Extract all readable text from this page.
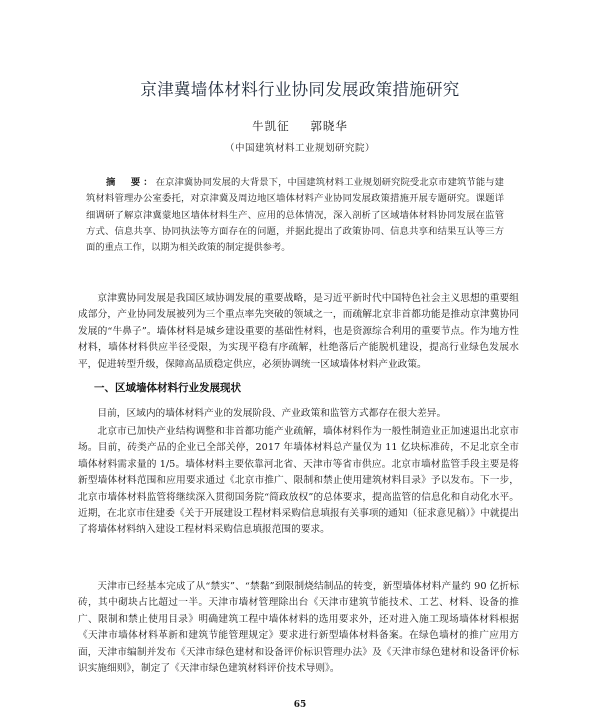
京津冀墙体材料行业协同发展政策措施研究
牛凯征 郭晓华
（中国建筑材料工业规划研究院）
摘　要：在京津冀协同发展的大背景下，中国建筑材料工业规划研究院受北京市建筑节能与建筑材料管理办公室委托，对京津冀及周边地区墙体材料产业协同发展政策措施开展专题研究。课题详细调研了解京津冀蒙地区墙体材料生产、应用的总体情况，深入剖析了区域墙体材料协同发展在监管方式、信息共享、协同执法等方面存在的问题，并据此提出了政策协同、信息共享和结果互认等三方面的重点工作，以期为相关政策的制定提供参考。
京津冀协同发展是我国区域协调发展的重要战略，是习近平新时代中国特色社会主义思想的重要组成部分，产业协同发展被列为三个重点率先突破的领域之一，而疏解北京非首都功能是推动京津冀协同发展的“牛鼻子”。墙体材料是城乡建设重要的基础性材料，也是资源综合利用的重要节点。作为地方性材料，墙体材料供应半径受限，为实现平稳有序疏解，杜绝落后产能脱机建设，提高行业绿色发展水平，促进转型升级，保障高品质稳定供应，必须协调统一区域墙体材料产业政策。
一、区域墙体材料行业发展现状
目前，区域内的墙体材料产业的发展阶段、产业政策和监管方式都存在很大差异。
北京市已加快产业结构调整和非首都功能产业疏解，墙体材料作为一般性制造业正加速退出北京市场。目前，砖类产品的企业已全部关停，2017 年墙体材料总产量仅为 11 亿块标准砖，不足北京全市墙体材料需求量的 1/5。墙体材料主要依靠河北省、天津市等省市供应。北京市墙材监管手段主要是将新型墙体材料范围和应用要求通过《北京市推广、限制和禁止使用建筑材料目录》予以发布。下一步，北京市墙体材料监管将继续深入贯彻国务院“简政放权”的总体要求，提高监管的信息化和自动化水平。近期，在北京市住建委《关于开展建设工程材料采购信息填报有关事项的通知（征求意见稿）》中就提出了将墙体材料纳入建设工程材料采购信息填报范围的要求。
天津市已经基本完成了从“禁实”、“禁黏”到限制烧结制品的转变，新型墙体材料产量约 90 亿折标砖，其中砌块占比超过一半。天津市墙材管理除出台《天津市建筑节能技术、工艺、材料、设备的推广、限制和禁止使用目录》明确建筑工程中墙体材料的选用要求外，还对进入施工现场墙体材料根据《天津市墙体材料革新和建筑节能管理规定》要求进行新型墙体材料备案。在绿色墙材的推广应用方面，天津市编制并发布《天津市绿色建材和设备评价标识管理办法》及《天津市绿色建材和设备评价标识实施细则》，制定了《天津市绿色建筑材料评价技术导则》。
65
